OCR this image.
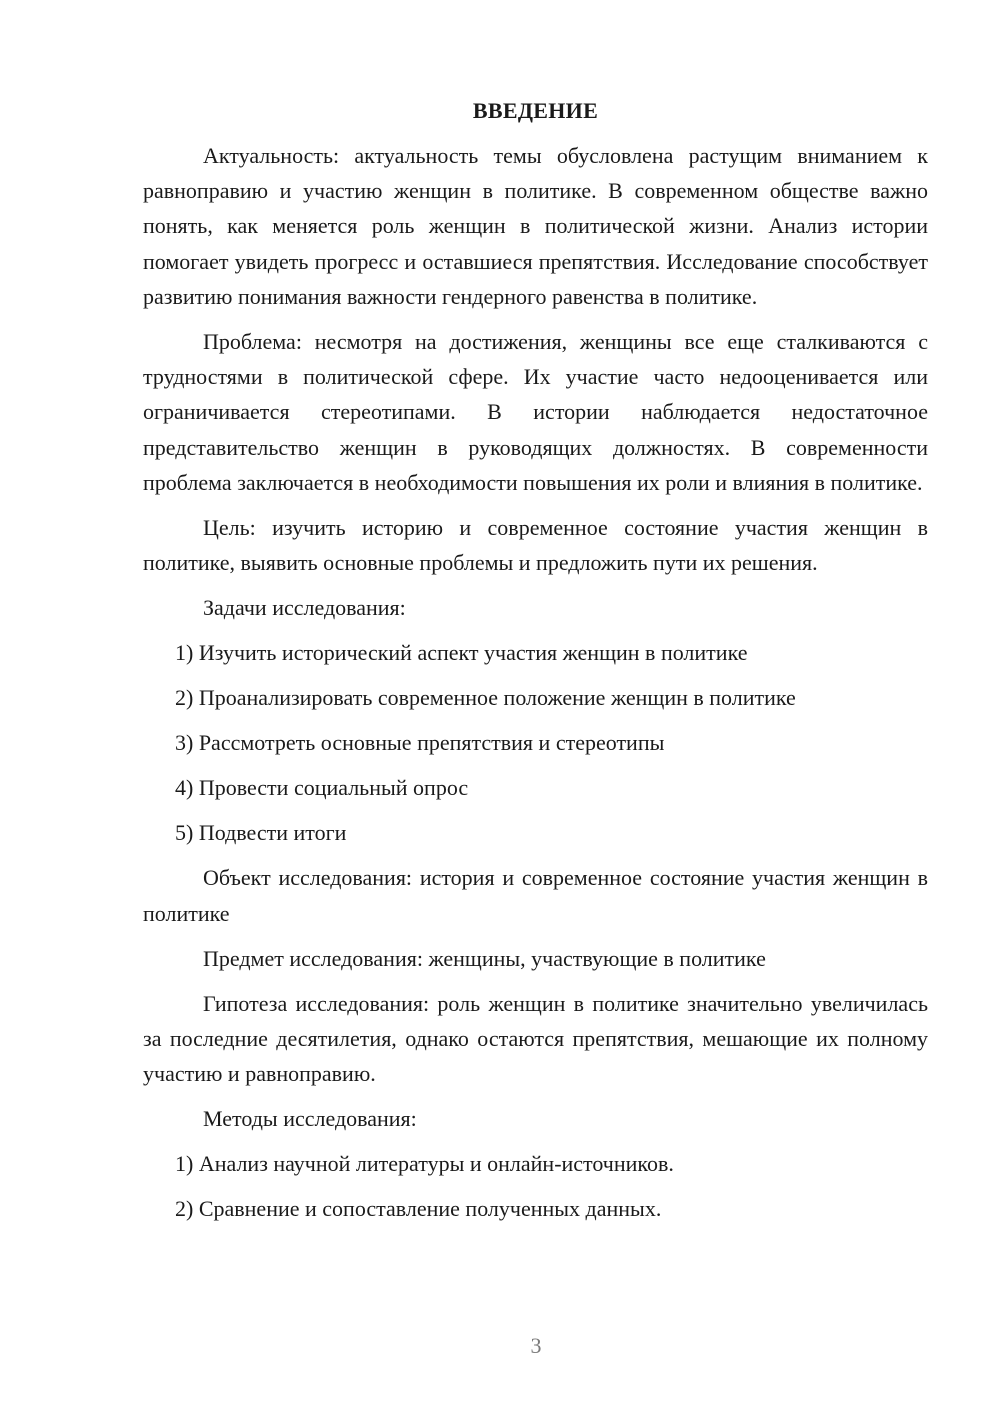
ВВЕДЕНИЕ

Актуальность: актуальность темы обусловлена растущим вниманием к равноправию и участию женщин в политике. В современном обществе важно понять, как меняется роль женщин в политической жизни. Анализ истории помогает увидеть прогресс и оставшиеся препятствия. Исследование способствует развитию понимания важности гендерного равенства в политике.

Проблема: несмотря на достижения, женщины все еще сталкиваются с трудностями в политической сфере. Их участие часто недооценивается или ограничивается стереотипами. В истории наблюдается недостаточное представительство женщин в руководящих должностях. В современности проблема заключается в необходимости повышения их роли и влияния в политике.

Цель: изучить историю и современное состояние участия женщин в политике, выявить основные проблемы и предложить пути их решения.

Задачи исследования:
1) Изучить исторический аспект участия женщин в политике
2) Проанализировать современное положение женщин в политике
3) Рассмотреть основные препятствия и стереотипы
4) Провести социальный опрос
5) Подвести итоги

Объект исследования: история и современное состояние участия женщин в политике

Предмет исследования: женщины, участвующие в политике

Гипотеза исследования: роль женщин в политике значительно увеличилась за последние десятилетия, однако остаются препятствия, мешающие их полному участию и равноправию.

Методы исследования:
1) Анализ научной литературы и онлайн-источников.
2) Сравнение и сопоставление полученных данных.
3
